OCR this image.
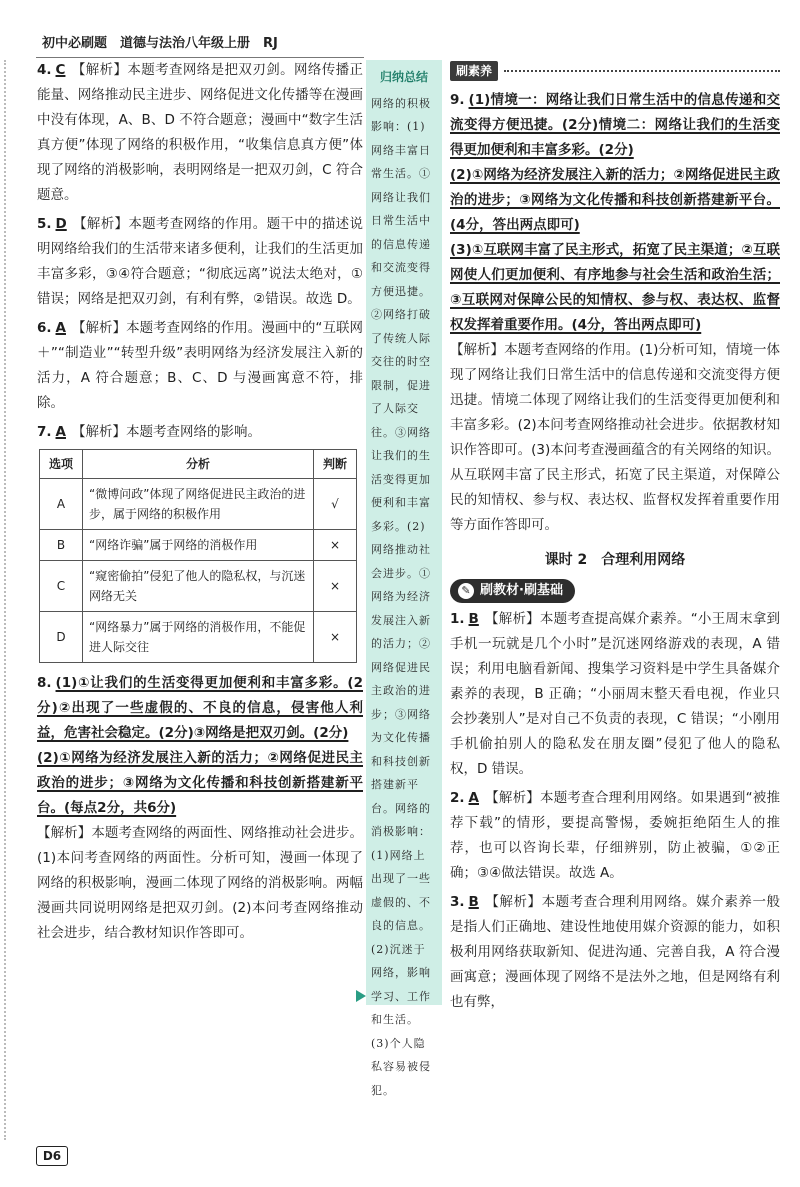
初中必刷题　道德与法治八年级上册　RJ

4. C 【解析】本题考查网络是把双刃剑。网络传播正能量、网络推动民主进步、网络促进文化传播等在漫画中没有体现，A、B、D 不符合题意；漫画中“数字生活真方便”体现了网络的积极作用，“收集信息真方便”体现了网络的消极影响，表明网络是一把双刃剑，C 符合题意。

5. D 【解析】本题考查网络的作用。题干中的描述说明网络给我们的生活带来诸多便利，让我们的生活更加丰富多彩，③④符合题意；“彻底远离”说法太绝对，①错误；网络是把双刃剑，有利有弊，②错误。故选 D。

6. A 【解析】本题考查网络的作用。漫画中的“互联网＋”“制造业”“转型升级”表明网络为经济发展注入新的活力，A 符合题意；B、C、D 与漫画寓意不符，排除。

7. A 【解析】本题考查网络的影响。

选项	分析	判断
A	“微博问政”体现了网络促进民主政治的进步，属于网络的积极作用	√
B	“网络诈骗”属于网络的消极作用	×
C	“窥密偷拍”侵犯了他人的隐私权，与沉迷网络无关	×
D	“网络暴力”属于网络的消极作用，不能促进人际交往	×

8. (1)①让我们的生活变得更加便利和丰富多彩。(2分)②出现了一些虚假的、不良的信息，侵害他人利益，危害社会稳定。(2分)③网络是把双刃剑。(2分)

(2)①网络为经济发展注入新的活力；②网络促进民主政治的进步；③网络为文化传播和科技创新搭建新平台。(每点2分，共6分)

【解析】本题考查网络的两面性、网络推动社会进步。(1)本问考查网络的两面性。分析可知，漫画一体现了网络的积极影响，漫画二体现了网络的消极影响。两幅漫画共同说明网络是把双刃剑。(2)本问考查网络推动社会进步，结合教材知识作答即可。

归纳总结
网络的积极影响：(1)网络丰富日常生活。①网络让我们日常生活中的信息传递和交流变得方便迅捷。②网络打破了传统人际交往的时空限制，促进了人际交往。③网络让我们的生活变得更加便利和丰富多彩。(2)网络推动社会进步。①网络为经济发展注入新的活力；②网络促进民主政治的进步；③网络为文化传播和科技创新搭建新平台。网络的消极影响：(1)网络上出现了一些虚假的、不良的信息。(2)沉迷于网络，影响学习、工作和生活。(3)个人隐私容易被侵犯。
刷素养

9. (1)情境一：网络让我们日常生活中的信息传递和交流变得方便迅捷。(2分)情境二：网络让我们的生活变得更加便利和丰富多彩。(2分)

(2)①网络为经济发展注入新的活力；②网络促进民主政治的进步；③网络为文化传播和科技创新搭建新平台。(4分，答出两点即可)

(3)①互联网丰富了民主形式，拓宽了民主渠道；②互联网使人们更加便利、有序地参与社会生活和政治生活；③互联网对保障公民的知情权、参与权、表达权、监督权发挥着重要作用。(4分，答出两点即可)

【解析】本题考查网络的作用。(1)分析可知，情境一体现了网络让我们日常生活中的信息传递和交流变得方便迅捷。情境二体现了网络让我们的生活变得更加便利和丰富多彩。(2)本问考查网络推动社会进步。依据教材知识作答即可。(3)本问考查漫画蕴含的有关网络的知识。从互联网丰富了民主形式，拓宽了民主渠道，对保障公民的知情权、参与权、表达权、监督权发挥着重要作用等方面作答即可。

课时 2　合理利用网络
✎ 刷教材·刷基础

1. B 【解析】本题考查提高媒介素养。“小王周末拿到手机一玩就是几个小时”是沉迷网络游戏的表现，A 错误；利用电脑看新闻、搜集学习资料是中学生具备媒介素养的表现，B 正确；“小丽周末整天看电视，作业只会抄袭别人”是对自己不负责的表现，C 错误；“小刚用手机偷拍别人的隐私发在朋友圈”侵犯了他人的隐私权，D 错误。

2. A 【解析】本题考查合理利用网络。如果遇到“被推荐下载”的情形，要提高警惕，委婉拒绝陌生人的推荐，也可以咨询长辈，仔细辨别，防止被骗，①②正确；③④做法错误。故选 A。

3. B 【解析】本题考查合理利用网络。媒介素养一般是指人们正确地、建设性地使用媒介资源的能力，如积极利用网络获取新知、促进沟通、完善自我，A 符合漫画寓意；漫画体现了网络不是法外之地，但是网络有利也有弊，

D6
